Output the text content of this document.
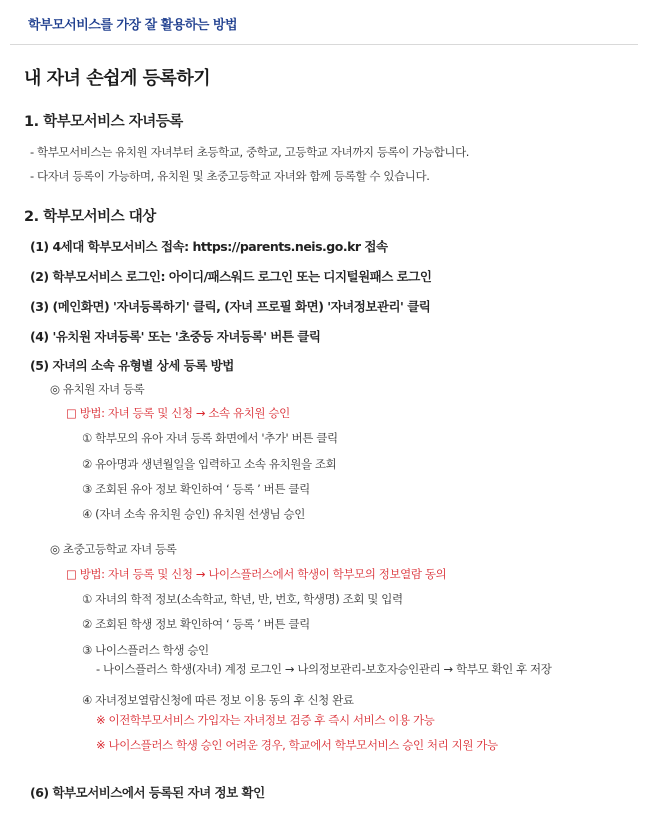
학부모서비스를 가장 잘 활용하는 방법
내 자녀 손쉽게 등록하기
1. 학부모서비스 자녀등록
- 학부모서비스는 유치원 자녀부터 초등학교, 중학교, 고등학교 자녀까지 등록이 가능합니다.
- 다자녀 등록이 가능하며, 유치원 및 초중고등학교 자녀와 함께 등록할 수 있습니다.
2. 학부모서비스 대상
(1) 4세대 학부모서비스 접속: https://parents.neis.go.kr 접속
(2) 학부모서비스 로그인: 아이디/패스워드 로그인 또는 디지털원패스 로그인
(3) (메인화면) '자녀등록하기' 클릭, (자녀 프로필 화면) '자녀정보관리' 클릭
(4) '유치원 자녀등록' 또는 '초중등 자녀등록' 버튼 클릭
(5) 자녀의 소속 유형별 상세 등록 방법
◎ 유치원 자녀 등록
□ 방법: 자녀 등록 및 신청 → 소속 유치원 승인
① 학부모의 유아 자녀 등록 화면에서 '추가' 버튼 클릭
② 유아명과 생년월일을 입력하고 소속 유치원을 조회
③ 조회된 유아 정보 확인하여 ‘ 등록 ’ 버튼 클릭
④ (자녀 소속 유치원 승인) 유치원 선생님 승인
◎ 초중고등학교 자녀 등록
□ 방법: 자녀 등록 및 신청 → 나이스플러스에서 학생이 학부모의 정보열람 동의
① 자녀의 학적 정보(소속학교, 학년, 반, 번호, 학생명) 조회 및 입력
② 조회된 학생 정보 확인하여 ‘ 등록 ’ 버튼 클릭
③ 나이스플러스 학생 승인
- 나이스플러스 학생(자녀) 계정 로그인 → 나의정보관리-보호자승인관리 → 학부모 확인 후 저장
④ 자녀정보열람신청에 따른 정보 이용 동의 후 신청 완료
※ 이전학부모서비스 가입자는 자녀정보 검증 후 즉시 서비스 이용 가능
※ 나이스플러스 학생 승인 어려운 경우, 학교에서 학부모서비스 승인 처리 지원 가능
(6) 학부모서비스에서 등록된 자녀 정보 확인
